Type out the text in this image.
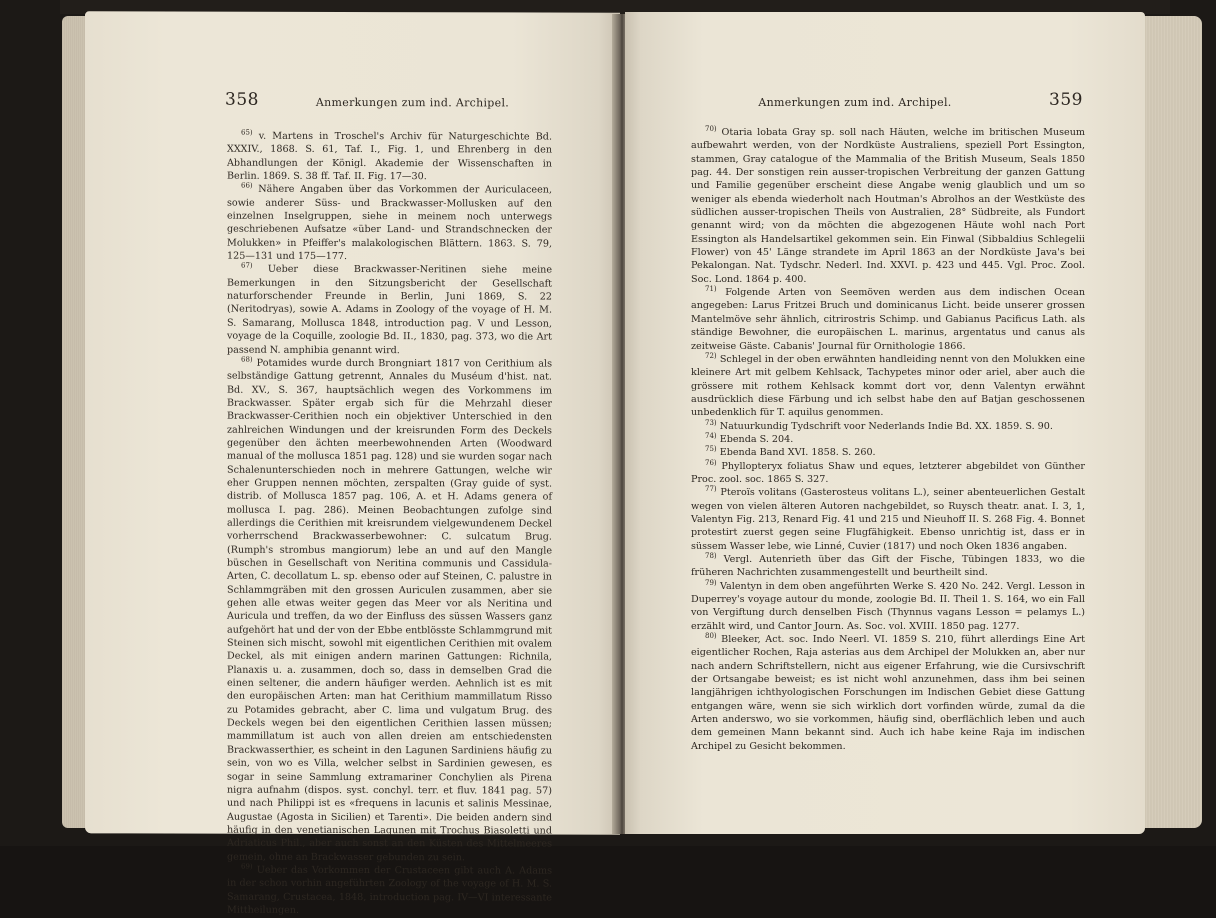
358	Anmerkungen zum ind. Archipel.

$^{65)}$ v. Martens in Troschel's Archiv für Naturgeschichte Bd. XXXIV., 1868. S. 61, Taf. I., Fig. 1, und Ehrenberg in den Abhandlungen der Königl. Akademie der Wissenschaften in Berlin. 1869. S. 38 ff. Taf. II. Fig. 17—30.

$^{66)}$ Nähere Angaben über das Vorkommen der Auriculaceen, sowie anderer Süss- und Brackwasser-Mollusken auf den einzelnen Inselgruppen, siehe in meinem noch unterwegs geschriebenen Aufsatze «über Land- und Strandschnecken der Molukken» in Pfeiffer's malakologischen Blättern. 1863. S. 79, 125—131 und 175—177.

$^{67)}$ Ueber diese Brackwasser-Neritinen siehe meine Bemerkungen in den Sitzungsbericht der Gesellschaft naturforschender Freunde in Berlin, Juni 1869, S. 22 (Neritodryas), sowie A. Adams in Zoology of the voyage of H. M. S. Samarang, Mollusca 1848, introduction pag. V und Lesson, voyage de la Coquille, zoologie Bd. II., 1830, pag. 373, wo die Art passend N. amphibia genannt wird.

$^{68)}$ Potamides wurde durch Brongniart 1817 von Cerithium als selbständige Gattung getrennt, Annales du Muséum d'hist. nat. Bd. XV., S. 367, hauptsächlich wegen des Vorkommens im Brackwasser. Später ergab sich für die Mehrzahl dieser Brackwasser-Cerithien noch ein objektiver Unterschied in den zahlreichen Windungen und der kreisrunden Form des Deckels gegenüber den ächten meerbewohnenden Arten (Woodward manual of the mollusca 1851 pag. 128) und sie wurden sogar nach Schalenunterschieden noch in mehrere Gattungen, welche wir eher Gruppen nennen möchten, zerspalten (Gray guide of syst. distrib. of Mollusca 1857 pag. 106, A. et H. Adams genera of mollusca I. pag. 286). Meinen Beobachtungen zufolge sind allerdings die Cerithien mit kreisrundem vielgewundenem Deckel vorherrschend Brackwasserbewohner: C. sulcatum Brug. (Rumph's strombus mangiorum) lebe an und auf den Mangle büschen in Gesellschaft von Neritina communis und Cassidula-Arten, C. decollatum L. sp. ebenso oder auf Steinen, C. palustre in Schlammgräben mit den grossen Auriculen zusammen, aber sie gehen alle etwas weiter gegen das Meer vor als Neritina und Auricula und treffen, da wo der Einfluss des süssen Wassers ganz aufgehört hat und der von der Ebbe entblösste Schlammgrund mit Steinen sich mischt, sowohl mit eigentlichen Cerithien mit ovalem Deckel, als mit einigen andern marinen Gattungen: Richnila, Planaxis u. a. zusammen, doch so, dass in demselben Grad die einen seltener, die andern häufiger werden. Aehnlich ist es mit den europäischen Arten: man hat Cerithium mammillatum Risso zu Potamides gebracht, aber C. lima und vulgatum Brug. des Deckels wegen bei den eigentlichen Cerithien lassen müssen; mammillatum ist auch von allen dreien am entschiedensten Brackwasserthier, es scheint in den Lagunen Sardiniens häufig zu sein, von wo es Villa, welcher selbst in Sardinien gewesen, es sogar in seine Sammlung extramariner Conchylien als Pirena nigra aufnahm (dispos. syst. conchyl. terr. et fluv. 1841 pag. 57) und nach Philippi ist es «frequens in lacunis et salinis Messinae, Augustae (Agosta in Sicilien) et Tarenti». Die beiden andern sind häufig in den venetianischen Lagunen mit Trochus Biasoletti und Adriaticus Phil., aber auch sonst an den Küsten des Mittelmeeres gemein, ohne an Brackwasser gebunden zu sein.

$^{69)}$ Ueber das Vorkommen der Crustaceen gibt auch A. Adams in der schon vorhin angeführten Zoology of the voyage of H. M. S. Samarang, Crustacea, 1848, introduction pag. IV—VI interessante Mittheilungen.

Anmerkungen zum ind. Archipel.	359

$^{70)}$ Otaria lobata Gray sp. soll nach Häuten, welche im britischen Museum aufbewahrt werden, von der Nordküste Australiens, speziell Port Essington, stammen, Gray catalogue of the Mammalia of the British Museum, Seals 1850 pag. 44. Der sonstigen rein ausser-tropischen Verbreitung der ganzen Gattung und Familie gegenüber erscheint diese Angabe wenig glaublich und um so weniger als ebenda wiederholt nach Houtman's Abrolhos an der Westküste des südlichen ausser-tropischen Theils von Australien, 28° Südbreite, als Fundort genannt wird; von da möchten die abgezogenen Häute wohl nach Port Essington als Handelsartikel gekommen sein. Ein Finwal (Sibbaldius Schlegelii Flower) von 45' Länge strandete im April 1863 an der Nordküste Java's bei Pekalongan. Nat. Tydschr. Nederl. Ind. XXVI. p. 423 und 445. Vgl. Proc. Zool. Soc. Lond. 1864 p. 400.

$^{71)}$ Folgende Arten von Seemöven werden aus dem indischen Ocean angegeben: Larus Fritzei Bruch und dominicanus Licht. beide unserer grossen Mantelmöve sehr ähnlich, citrirostris Schimp. und Gabianus Pacificus Lath. als ständige Bewohner, die europäischen L. marinus, argentatus und canus als zeitweise Gäste. Cabanis' Journal für Ornithologie 1866.

$^{72)}$ Schlegel in der oben erwähnten handleiding nennt von den Molukken eine kleinere Art mit gelbem Kehlsack, Tachypetes minor oder ariel, aber auch die grössere mit rothem Kehlsack kommt dort vor, denn Valentyn erwähnt ausdrücklich diese Färbung und ich selbst habe den auf Batjan geschossenen unbedenklich für T. aquilus genommen.

$^{73)}$ Natuurkundig Tydschrift voor Nederlands Indie Bd. XX. 1859. S. 90.

$^{74)}$ Ebenda S. 204.

$^{75)}$ Ebenda Band XVI. 1858. S. 260.

$^{76)}$ Phyllopteryx foliatus Shaw und eques, letzterer abgebildet von Günther Proc. zool. soc. 1865 S. 327.

$^{77)}$ Pteroïs volitans (Gasterosteus volitans L.), seiner abenteuerlichen Gestalt wegen von vielen älteren Autoren nachgebildet, so Ruysch theatr. anat. I. 3, 1, Valentyn Fig. 213, Renard Fig. 41 und 215 und Nieuhoff II. S. 268 Fig. 4. Bonnet protestirt zuerst gegen seine Flugfähigkeit. Ebenso unrichtig ist, dass er in süssem Wasser lebe, wie Linné, Cuvier (1817) und noch Oken 1836 angaben.

$^{78)}$ Vergl. Autenrieth über das Gift der Fische, Tübingen 1833, wo die früheren Nachrichten zusammengestellt und beurtheilt sind.

$^{79)}$ Valentyn in dem oben angeführten Werke S. 420 No. 242. Vergl. Lesson in Duperrey's voyage autour du monde, zoologie Bd. II. Theil 1. S. 164, wo ein Fall von Vergiftung durch denselben Fisch (Thynnus vagans Lesson = pelamys L.) erzählt wird, und Cantor Journ. As. Soc. vol. XVIII. 1850 pag. 1277.

$^{80)}$ Bleeker, Act. soc. Indo Neerl. VI. 1859 S. 210, führt allerdings Eine Art eigentlicher Rochen, Raja asterias aus dem Archipel der Molukken an, aber nur nach andern Schriftstellern, nicht aus eigener Erfahrung, wie die Cursivschrift der Ortsangabe beweist; es ist nicht wohl anzunehmen, dass ihm bei seinen langjährigen ichthyologischen Forschungen im Indischen Gebiet diese Gattung entgangen wäre, wenn sie sich wirklich dort vorfinden würde, zumal da die Arten anderswo, wo sie vorkommen, häufig sind, oberflächlich leben und auch dem gemeinen Mann bekannt sind. Auch ich habe keine Raja im indischen Archipel zu Gesicht bekommen.
